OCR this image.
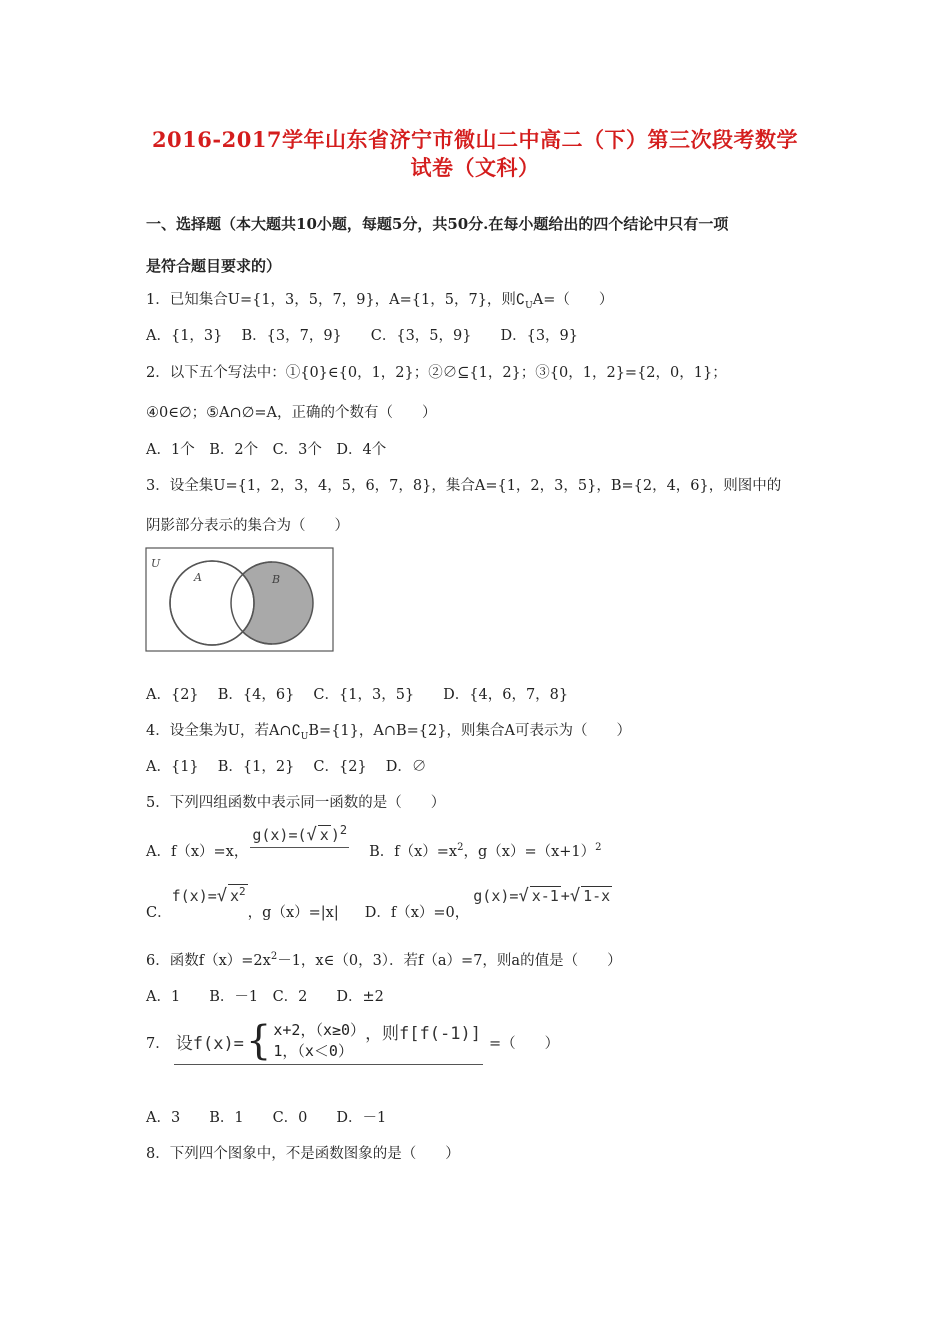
2016-2017学年山东省济宁市微山二中高二（下）第三次段考数学
试卷（文科）
一、选择题（本大题共10小题，每题5分，共50分.在每小题给出的四个结论中只有一项
是符合题目要求的）
1．已知集合U={1，3，5，7，9}，A={1，5，7}，则$∁_UA=$（　　）
A．{1，3}　 B．{3，7，9}　　C．{3，5，9}　　D．{3，9}
2．以下五个写法中：①{0}∈{0，1，2}；②∅⊆{1，2}；③{0，1，2}={2，0，1}；
④0∈∅；⑤A∩∅=A，正确的个数有（　　）
A．1个　B．2个　C．3个　D．4个
3．设全集U={1，2，3，4，5，6，7，8}，集合A={1，2，3，5}，B={2，4，6}，则图中的
阴影部分表示的集合为（　　）
U
A	B
A．{2}　 B．{4，6}　 C．{1，3，5}　　D．{4，6，7，8}
4．设全集为U，若$A\cap∁_UB=\{1\}$，A∩B={2}，则集合A可表示为（　　）
A．{1}　 B．{1，2}　 C．{2}　 D．∅
5．下列四组函数中表示同一函数的是（　　）
A．f（x）=x，
g(x)=(√ x )$^2$
B．$f(x)=x^2$，$g(x)=(x+1)^2$
C．
f(x)=√ $x^2$
，g（x）=|x| D．f（x）=0，
g(x)=√ x-1 +√ 1-x
6．函数$f(x)=2x^2-1$，x∈（0，3）．若f（a）=7，则a的值是（　　）
A．1　　B．－1　C．2　　D．±2
7． 设f(x)= { x+2，（x≥0）
1，（x＜0）
，则f[f(-1)]
=（　　）
A．3　　B．1　　C．0　　D．－1
8．下列四个图象中，不是函数图象的是（　　）
